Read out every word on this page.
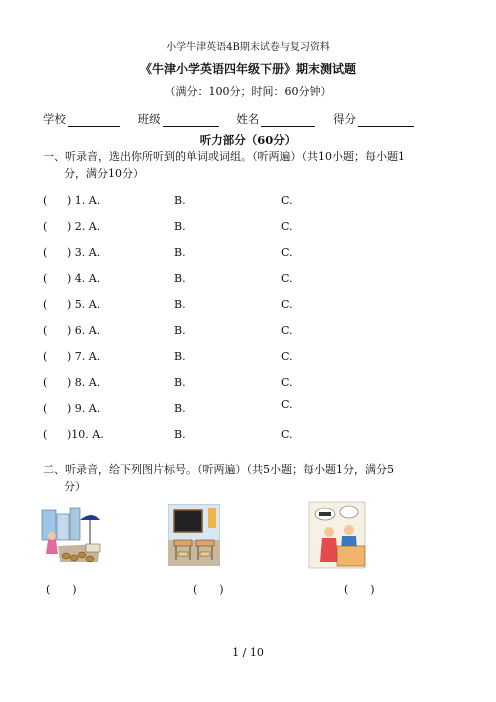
小学牛津英语4B期末试卷与复习资料
《牛津小学英语四年级下册》期末测试题
（满分：100分；时间：60分钟）
学校	班级	姓名	得分
听力部分（60分）
一、听录音，选出你所听到的单词或词组。（听两遍）（共10小题；每小题1
分，满分10分）
( ) 1. A.	B.	C.
( ) 2. A.	B.	C.
( ) 3. A.	B.	C.
( ) 4. A.	B.	C.
( ) 5. A.	B.	C.
( ) 6. A.	B.	C.
( ) 7. A.	B.	C.
( ) 8. A.	B.	C.
( ) 9. A.	B.	C.
( )10. A.	B.	C.
二、听录音，给下列图片标号。（听两遍）（共5小题；每小题1分，满分5
分）
(　　)	(　　)	(　　)
1 / 10
